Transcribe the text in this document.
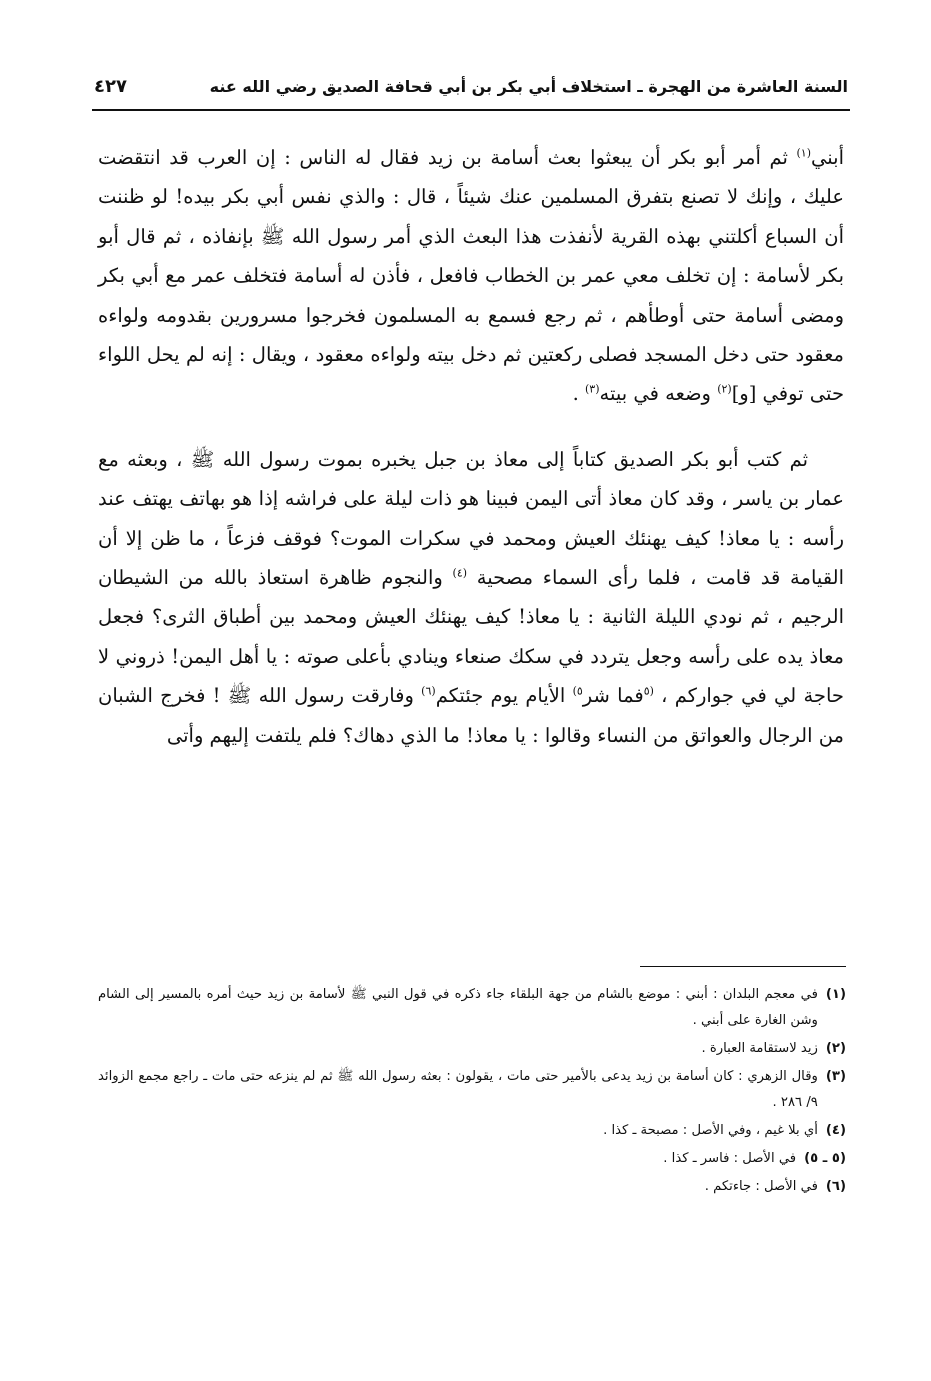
السنة العاشرة من الهجرة ـ استخلاف أبي بكر بن أبي قحافة الصديق رضي الله عنه
٤٢٧

أبني$^{(١)}$ ثم أمر أبو بكر أن يبعثوا بعث أسامة بن زيد فقال له الناس : إن العرب قد انتقضت عليك ، وإنك لا تصنع بتفرق المسلمين عنك شيئاً ، قال : والذي نفس أبي بكر بيده! لو ظننت أن السباع أكلتني بهذه القرية لأنفذت هذا البعث الذي أمر رسول الله ﷺ بإنفاذه ، ثم قال أبو بكر لأسامة : إن تخلف معي عمر بن الخطاب فافعل ، فأذن له أسامة فتخلف عمر مع أبي بكر ومضى أسامة حتى أوطأهم ، ثم رجع فسمع به المسلمون فخرجوا مسرورين بقدومه ولواءه معقود حتى دخل المسجد فصلى ركعتين ثم دخل بيته ولواءه معقود ، ويقال : إنه لم يحل اللواء حتى توفي [و]$^{(٢)}$ وضعه في بيته$^{(٣)}$ .

ثم كتب أبو بكر الصديق كتاباً إلى معاذ بن جبل يخبره بموت رسول الله ﷺ ، وبعثه مع عمار بن ياسر ، وقد كان معاذ أتى اليمن فبينا هو ذات ليلة على فراشه إذا هو بهاتف يهتف عند رأسه : يا معاذ! كيف يهنئك العيش ومحمد في سكرات الموت؟ فوقف فزعاً ، ما ظن إلا أن القيامة قد قامت ، فلما رأى السماء مصحية $^{(٤)}$ والنجوم ظاهرة استعاذ بالله من الشيطان الرجيم ، ثم نودي الليلة الثانية : يا معاذ! كيف يهنئك العيش ومحمد بين أطباق الثرى؟ فجعل معاذ يده على رأسه وجعل يتردد في سكك صنعاء وينادي بأعلى صوته : يا أهل اليمن! ذروني لا حاجة لي في جواركم ، $^{(٥}$فما شر$^{٥)}$ الأيام يوم جئتكم$^{(٦)}$ وفارقت رسول الله ﷺ ! فخرج الشبان من الرجال والعواتق من النساء وقالوا : يا معاذ! ما الذي دهاك؟ فلم يلتفت إليهم وأتى

(١)
في معجم البلدان : أبني : موضع بالشام من جهة البلقاء جاء ذكره في قول النبي ﷺ لأسامة بن زيد حيث أمره بالمسير إلى الشام وشن الغارة على أبني .
(٢)
زيد لاستقامة العبارة .
(٣)
وقال الزهري : كان أسامة بن زيد يدعى بالأمير حتى مات ، يقولون : بعثه رسول الله ﷺ ثم لم ينزعه حتى مات ـ راجع مجمع الزوائد ٩/ ٢٨٦ .
(٤)
أي بلا غيم ، وفي الأصل : مصبحة ـ كذا .
(٥ ـ ٥)
في الأصل : فاسر ـ كذا .
(٦)
في الأصل : جاءتكم .
